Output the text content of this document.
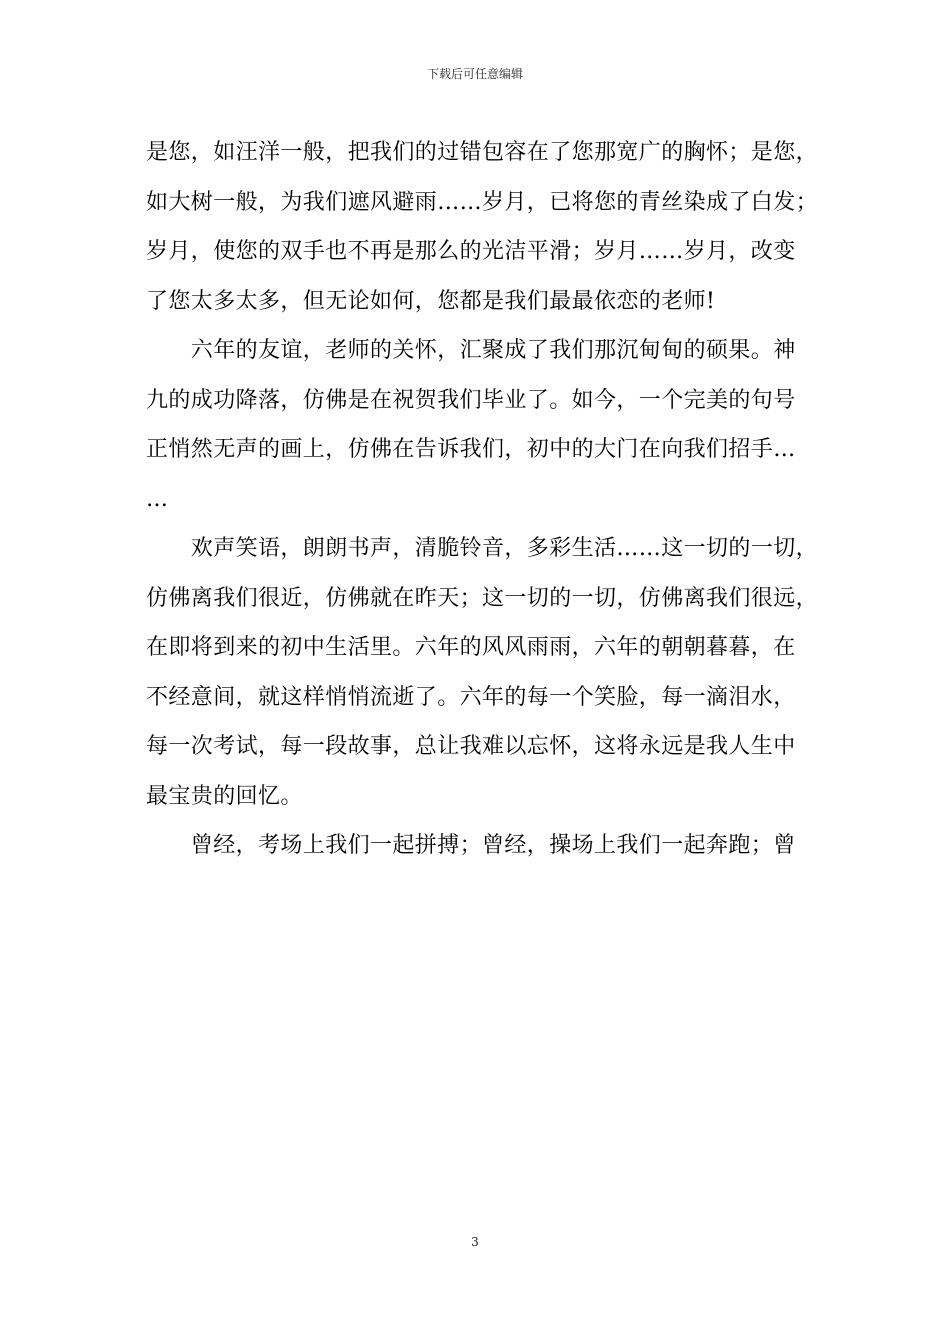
下载后可任意编辑

是您，如汪洋一般，把我们的过错包容在了您那宽广的胸怀；是您，
如大树一般，为我们遮风避雨……岁月，已将您的青丝染成了白发；
岁月，使您的双手也不再是那么的光洁平滑；岁月……岁月，改变
了您太多太多，但无论如何，您都是我们最最依恋的老师!

　　六年的友谊，老师的关怀，汇聚成了我们那沉甸甸的硕果。神
九的成功降落，仿佛是在祝贺我们毕业了。如今，一个完美的句号
正悄然无声的画上，仿佛在告诉我们，初中的大门在向我们招手…
…

　　欢声笑语，朗朗书声，清脆铃音，多彩生活……这一切的一切，
仿佛离我们很近，仿佛就在昨天；这一切的一切，仿佛离我们很远，
在即将到来的初中生活里。六年的风风雨雨，六年的朝朝暮暮，在
不经意间，就这样悄悄流逝了。六年的每一个笑脸，每一滴泪水，
每一次考试，每一段故事，总让我难以忘怀，这将永远是我人生中
最宝贵的回忆。

　　曾经，考场上我们一起拼搏；曾经，操场上我们一起奔跑；曾

3
